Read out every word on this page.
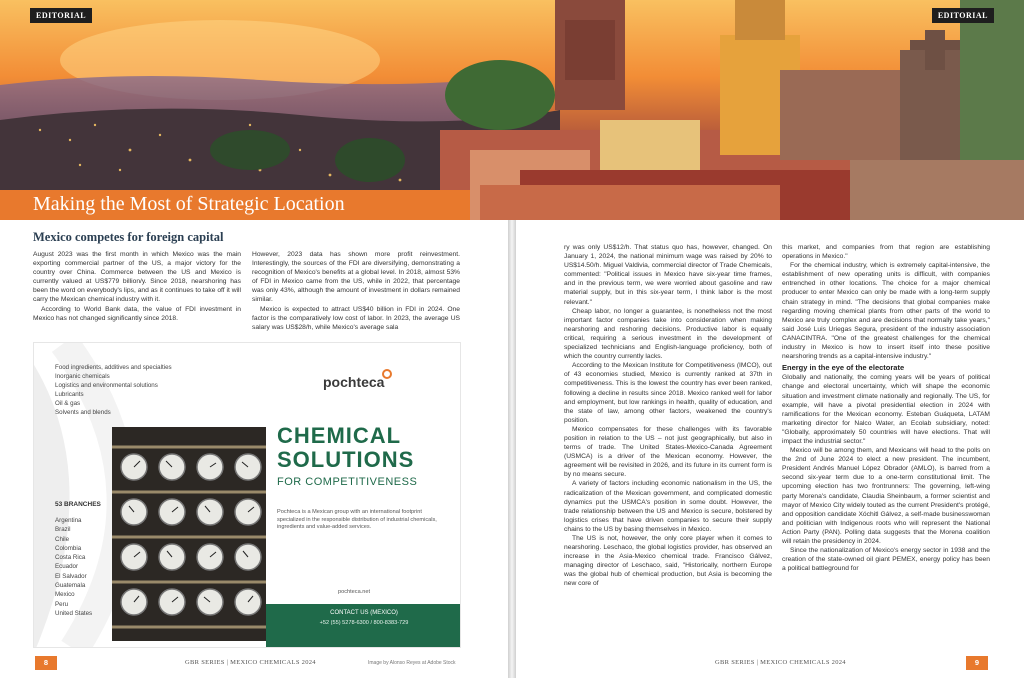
EDITORIAL	EDITORIAL
Making the Most of Strategic Location
Mexico competes for foreign capital

August 2023 was the first month in which Mexico was the main exporting commercial partner of the US, a major victory for the country over China. Commerce between the US and Mexico is currently valued at US$779 billion/y. Since 2018, nearshoring has been the word on everybody's lips, and as it continues to take off it will carry the Mexican chemical industry with it.

According to World Bank data, the value of FDI investment in Mexico has not changed significantly since 2018.

However, 2023 data has shown more profit reinvestment. Interestingly, the sources of the FDI are diversifying, demonstrating a recognition of Mexico's benefits at a global level. In 2018, almost 53% of FDI in Mexico came from the US, while in 2022, that percentage was only 43%, although the amount of investment in dollars remained similar.

Mexico is expected to attract US$40 billion in FDI in 2024. One factor is the comparatively low cost of labor. In 2023, the average US salary was US$28/h, while Mexico's average sala

Food ingredients, additives and specialties
Inorganic chemicals
Logistics and environmental solutions
Lubricants
Oil & gas
Solvents and blends
53 BRANCHES
Argentina
Brazil
Chile
Colombia
Costa Rica
Ecuador
El Salvador
Guatemala
Mexico
Peru
United States
pochteca
CHEMICAL
SOLUTIONS
FOR COMPETITIVENESS
Pochteca is a Mexican group with an international footprint specialized in the responsible distribution of industrial chemicals, ingredients and value-added services.
pochteca.net
CONTACT US (MEXICO)
+52 (55) 5278-6300 / 800-8383-729

ry was only US$12/h. That status quo has, however, changed. On January 1, 2024, the national minimum wage was raised by 20% to US$14.50/h. Miguel Valdivia, commercial director of Trade Chemicals, commented: "Political issues in Mexico have six-year time frames, and in the previous term, we were worried about gasoline and raw material supply, but in this six-year term, I think labor is the most relevant."

Cheap labor, no longer a guarantee, is nonetheless not the most important factor companies take into consideration when making nearshoring and reshoring decisions. Productive labor is equally critical, requiring a serious investment in the development of specialized technicians and English-language proficiency, both of which the country currently lacks.

According to the Mexican Institute for Competitiveness (IMCO), out of 43 economies studied, Mexico is currently ranked at 37th in competitiveness. This is the lowest the country has ever been ranked, following a decline in results since 2018. Mexico ranked well for labor and employment, but low rankings in health, quality of education, and the state of law, among other factors, weakened the country's position.

Mexico compensates for these challenges with its favorable position in relation to the US – not just geographically, but also in terms of trade. The United States-Mexico-Canada Agreement (USMCA) is a driver of the Mexican economy. However, the agreement will be revisited in 2026, and its future in its current form is by no means secure.

A variety of factors including economic nationalism in the US, the radicalization of the Mexican government, and complicated domestic dynamics put the USMCA's position in some doubt. However, the trade relationship between the US and Mexico is secure, bolstered by logistics crises that have driven companies to secure their supply chains to the US by basing themselves in Mexico.

The US is not, however, the only core player when it comes to nearshoring. Leschaco, the global logistics provider, has observed an increase in the Asia-Mexico chemical trade. Francisco Gálvez, managing director of Leschaco, said, "Historically, northern Europe was the global hub of chemical production, but Asia is becoming the new core of

this market, and companies from that region are establishing operations in Mexico."

For the chemical industry, which is extremely capital-intensive, the establishment of new operating units is difficult, with companies entrenched in other locations. The choice for a major chemical producer to enter Mexico can only be made with a long-term supply chain strategy in mind. "The decisions that global companies make regarding moving chemical plants from other parts of the world to Mexico are truly complex and are decisions that normally take years," said José Luis Uriegas Segura, president of the industry association CANACINTRA. "One of the greatest challenges for the chemical industry in Mexico is how to insert itself into these positive nearshoring trends as a capital-intensive industry."

Energy in the eye of the electorate

Globally and nationally, the coming years will be years of political change and electoral uncertainty, which will shape the economic situation and investment climate nationally and regionally. The US, for example, will have a pivotal presidential election in 2024 with ramifications for the Mexican economy. Esteban Guáqueta, LATAM marketing director for Nalco Water, an Ecolab subsidiary, noted: "Globally, approximately 50 countries will have elections. That will impact the industrial sector."

Mexico will be among them, and Mexicans will head to the polls on the 2nd of June 2024 to elect a new president. The incumbent, President Andrés Manuel López Obrador (AMLO), is barred from a second six-year term due to a one-term constitutional limit. The upcoming election has two frontrunners: The governing, left-wing party Morena's candidate, Claudia Sheinbaum, a former scientist and mayor of Mexico City widely touted as the current President's protégé, and opposition candidate Xóchitl Gálvez, a self-made businesswoman and politician with Indigenous roots who will represent the National Action Party (PAN). Polling data suggests that the Morena coalition will retain the presidency in 2024.

Since the nationalization of Mexico's energy sector in 1938 and the creation of the state-owned oil giant PEMEX, energy policy has been a political battleground for

8	GBR SERIES | MEXICO CHEMICALS 2024	Image by Alonso Reyes at Adobe Stock	GBR SERIES | MEXICO CHEMICALS 2024	9
